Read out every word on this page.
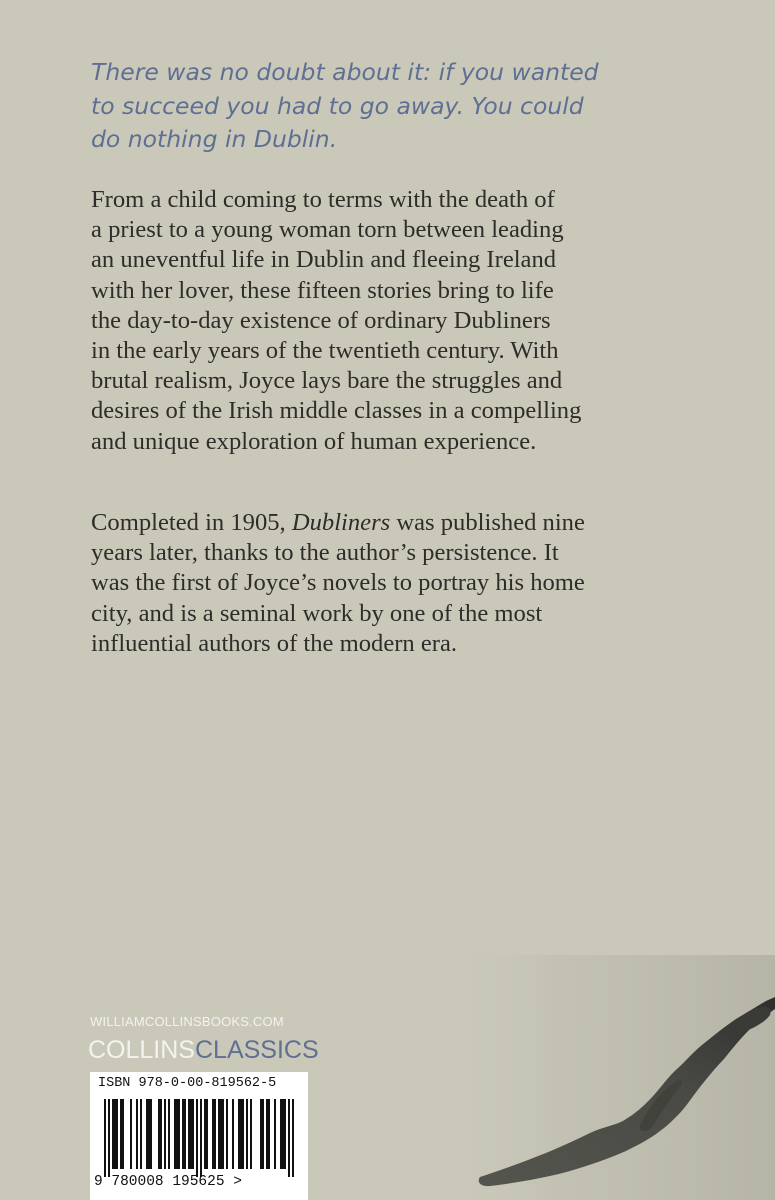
There was no doubt about it: if you wanted
to succeed you had to go away. You could
do nothing in Dublin.

From a child coming to terms with the death of
a priest to a young woman torn between leading
an uneventful life in Dublin and fleeing Ireland
with her lover, these fifteen stories bring to life
the day-to-day existence of ordinary Dubliners
in the early years of the twentieth century. With
brutal realism, Joyce lays bare the struggles and
desires of the Irish middle classes in a compelling
and unique exploration of human experience.

Completed in 1905, Dubliners was published nine
years later, thanks to the author’s persistence. It
was the first of Joyce’s novels to portray his home
city, and is a seminal work by one of the most
influential authors of the modern era.

WILLIAMCOLLINSBOOKS.COM

COLLINSCLASSICS

ISBN 978-0-00-819562-5

9 780008 195625 >
